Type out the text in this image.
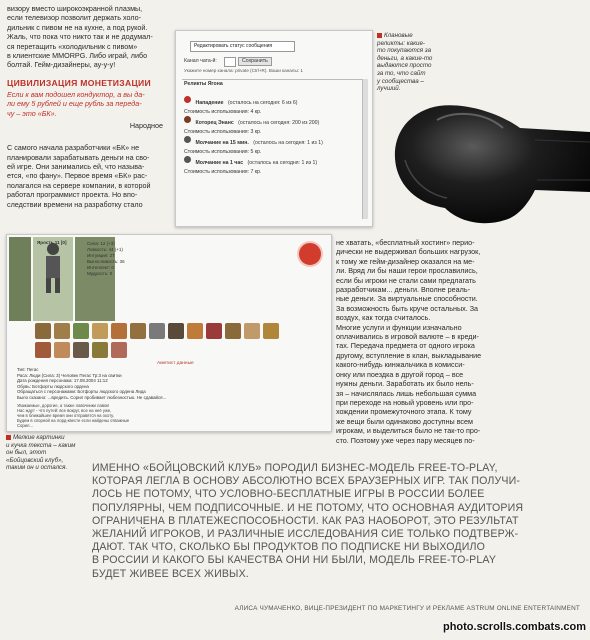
визору вместо широкоэкранной плазмы,

если телевизор позволит держать холо-

дильник с пивом не на кухне, а под рукой.

Жаль, что пока что никто так и не додумал-

ся перетащить «холодильник с пивом»

в клиентские MMORPG. Либо играй, либо

болтай. Гейм-дизайнеры, ау-у-у!

ЦИВИЛИЗАЦИЯ МОНЕТИЗАЦИИ

Если к вам подошел кондуктор, а вы да-

ли ему 5 рублей и еще рубль за переда-

чу – это «БК».

Народное

С самого начала разработчики «БК» не

планировали зарабатывать деньги на сво-

ей игре. Они занимались ей, что называ-

ется, «по фану». Первое время «БК» рас-

полагался на сервере компании, в которой

работал программист проекта. Но впо-

следствии времени на разработку стало

Редактировать статус сообщения
Канал чата-й:	Сохранить
Укажите номер канала: private (Ctrl+R). Ваши каналы: 1
Реликты Ягона
Нападение (осталось на сегодня: 6 из 6)
Стоимость использования: 4 кр.
Которец Энанс (осталось на сегодня: 200 из 200)
Стоимость использования: 3 кр.
Молчание на 15 мин. (осталось на сегодня: 1 из 1)
Стоимость использования: 5 кр.
Молчание на 1 час (осталось на сегодня: 1 из 1)
Стоимость использования: 7 кр.
Клановые
реликты: какие-
то покупаются за
деньги, а какие-то
выдаются просто
за то, что сайт
у сообщества –
лучший.
Ярость 11 [0]	Сила: 12 (+3)
Ловкость: 44 (+1)
Интуиция: 27
Выносливость: 36
Интеллект: 0
Мудрость: 0
Аметист данные
Тип: Пегас
Раса: Люди (Сила: 3) Человек Пегас Тр:3 на свитки
Дата рождения персонажа: 17.08.2004 11:12
Обувь: Ботфорты людского ордена
Обращаться с персонажами: Ботфорты людского ордена Лида
Было сказано: ...вредить. Сорил пробивает любезностью. Не сдавайся...
Уважаемые, дорогие, а также лавочники лавок!
Нас ждут - что путей: все вокруг, все на неё уже,
чем в ближайшее время они отправятся на охоту.
Будем в спорной на лорд-квесте если найдены отважные
Сорил...
Мелкие картинки
и кучка текста – каким
он был, этот
«Бойцовский клуб»,
таким он и остался.

не хватать, «бесплатный хостинг» перио-

дически не выдерживал больших нагрузок,

к тому же гейм-дизайнер оказался на ме-

ли. Вряд ли бы наши герои прославились,

если бы игроки не стали сами предлагать

разработчикам... деньги. Вполне реаль-

ные деньги. За виртуальные способности.

За возможность быть круче остальных. За

воздух, как тогда считалось.

Многие услуги и функции изначально

оплачивались в игровой валюте – в креди-

тах. Передача предмета от одного игрока

другому, вступление в клан, выкладывание

какого-нибудь кинжальчика в комисси-

онку или поездка в другой город – все

нужны деньги. Заработать их было нель-

зя – начислялась лишь небольшая сумма

при переходе на новый уровень или про-

хождении промежуточного этапа. К тому

же вещи были одинаково доступны всем

игрокам, и выделиться было не так-то про-

сто. Поэтому уже через пару месяцев по-

ИМЕННО «БОЙЦОВСКИЙ КЛУБ» ПОРОДИЛ БИЗНЕС-МОДЕЛЬ FREE-TO-PLAY,
КОТОРАЯ ЛЕГЛА В ОСНОВУ АБСОЛЮТНО ВСЕХ БРАУЗЕРНЫХ ИГР. ТАК ПОЛУЧИ-
ЛОСЬ НЕ ПОТОМУ, ЧТО УСЛОВНО-БЕСПЛАТНЫЕ ИГРЫ В РОССИИ БОЛЕЕ
ПОПУЛЯРНЫ, ЧЕМ ПОДПИСОЧНЫЕ. И НЕ ПОТОМУ, ЧТО ОСНОВНАЯ АУДИТОРИЯ
ОГРАНИЧЕНА В ПЛАТЕЖЕСПОСОБНОСТИ. КАК РАЗ НАОБОРОТ, ЭТО РЕЗУЛЬТАТ
ЖЕЛАНИЙ ИГРОКОВ, И РАЗЛИЧНЫЕ ИССЛЕДОВАНИЯ СИЕ ТОЛЬКО ПОДТВЕРЖ-
ДАЮТ. ТАК ЧТО, СКОЛЬКО БЫ ПРОДУКТОВ ПО ПОДПИСКЕ НИ ВЫХОДИЛО
В РОССИИ И КАКОГО БЫ КАЧЕСТВА ОНИ НИ БЫЛИ, МОДЕЛЬ FREE-TO-PLAY
БУДЕТ ЖИВЕЕ ВСЕХ ЖИВЫХ.
АЛИСА ЧУМАЧЕНКО, ВИЦЕ-ПРЕЗИДЕНТ ПО МАРКЕТИНГУ И РЕКЛАМЕ ASTRUM ONLINE ENTERTAINMENT
photo.scrolls.combats.com
